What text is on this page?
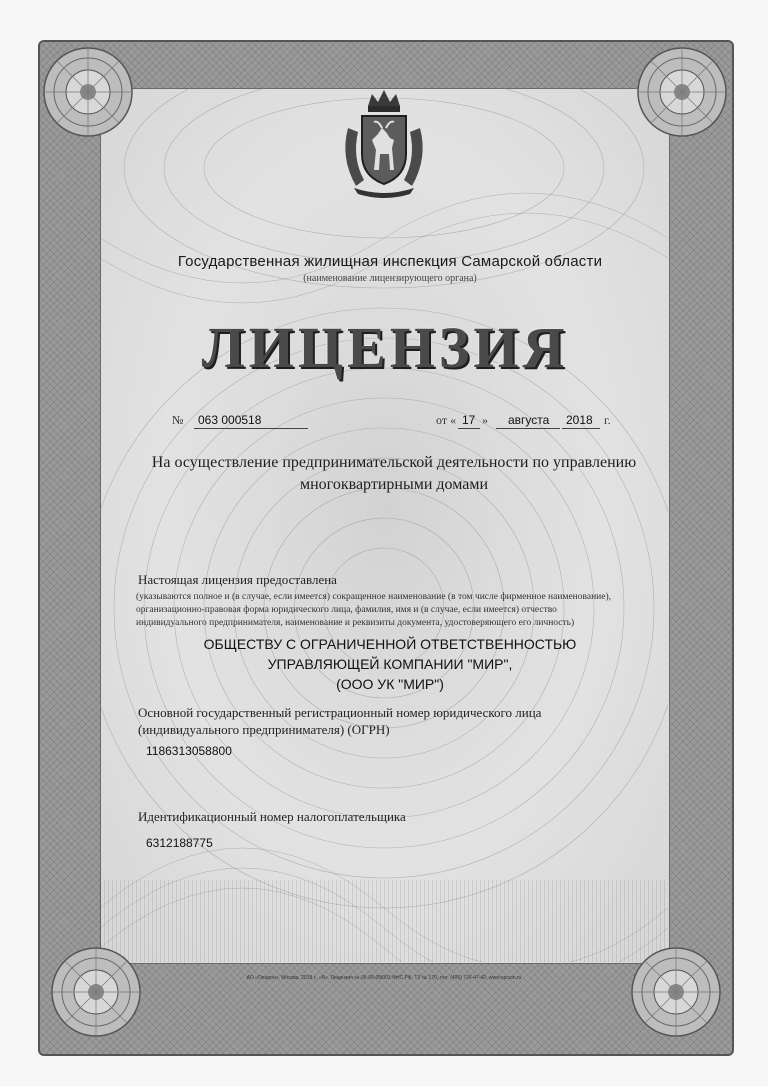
Государственная жилищная инспекция Самарской области
(наименование лицензирующего органа)
ЛИЦЕНЗИЯ
№ 063 000518	от « 17 » августа 2018 г.
На осуществление предпринимательской деятельности по управлению
многоквартирными домами
Настоящая лицензия предоставлена
(указываются полное и (в случае, если имеется) сокращенное наименование (в том числе фирменное наименование),
организационно-правовая форма юридического лица, фамилия, имя и (в случае, если имеется) отчество
индивидуального предпринимателя, наименование и реквизиты документа, удостоверяющего его личность)
ОБЩЕСТВУ С ОГРАНИЧЕННОЙ ОТВЕТСТВЕННОСТЬЮ
УПРАВЛЯЮЩЕЙ КОМПАНИИ "МИР",
(ООО УК "МИР")
Основной государственный регистрационный номер юридического лица
(индивидуального предпринимателя) (ОГРН)
1186313058800
Идентификационный номер налогоплательщика
6312188775
АО «Опцион», Москва, 2018 г., «Б». Лицензия № 05-05-09/003 ФНС РФ, ТЗ № 170, тел. (495) 726-47-42, www.opcion.ru
